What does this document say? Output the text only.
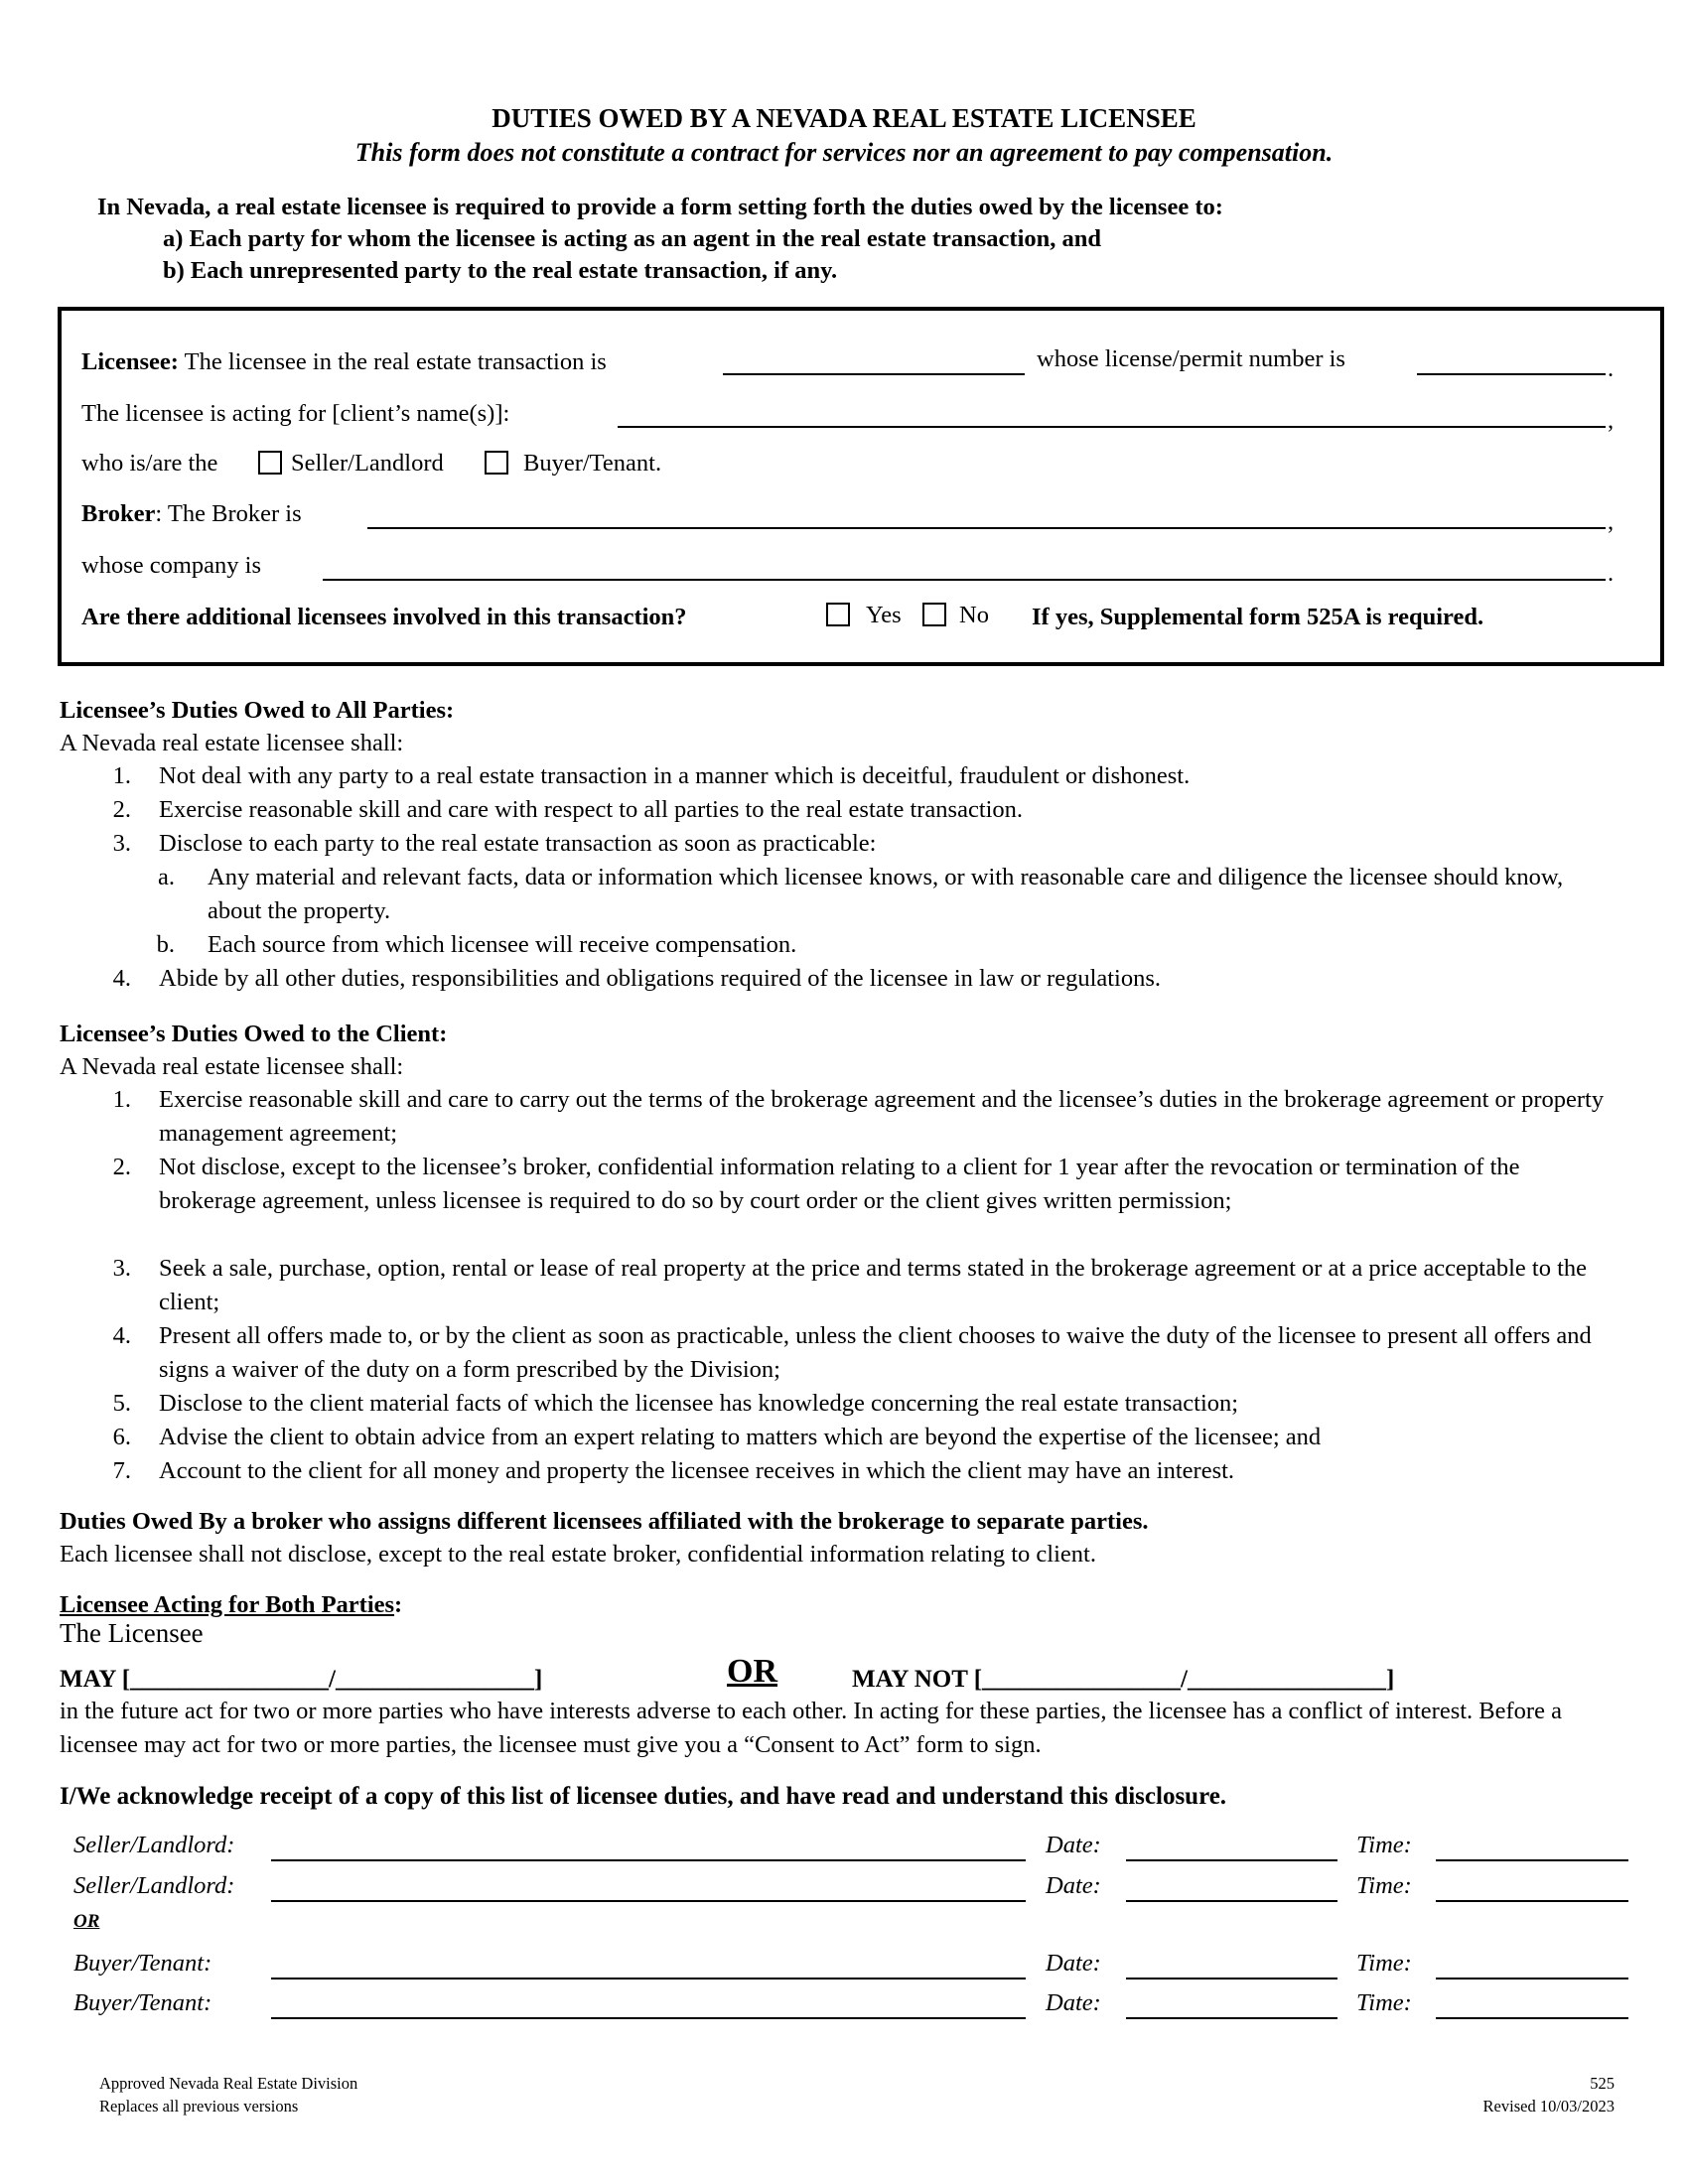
DUTIES OWED BY A NEVADA REAL ESTATE LICENSEE
This form does not constitute a contract for services nor an agreement to pay compensation.
In Nevada, a real estate licensee is required to provide a form setting forth the duties owed by the licensee to:
a) Each party for whom the licensee is acting as an agent in the real estate transaction, and
b) Each unrepresented party to the real estate transaction, if any.
Licensee: The licensee in the real estate transaction is	whose license/permit number is	.
The licensee is acting for [client’s name(s)]:	,
who is/are the	Seller/Landlord	Buyer/Tenant.
Broker: The Broker is	,
whose company is	.
Are there additional licensees involved in this transaction?	Yes No If yes, Supplemental form 525A is required.
Licensee’s Duties Owed to All Parties:
A Nevada real estate licensee shall:
1. Not deal with any party to a real estate transaction in a manner which is deceitful, fraudulent or dishonest.
2. Exercise reasonable skill and care with respect to all parties to the real estate transaction.
3. Disclose to each party to the real estate transaction as soon as practicable:
a. Any material and relevant facts, data or information which licensee knows, or with reasonable care and diligence the licensee should know, about the property.
b. Each source from which licensee will receive compensation.
4. Abide by all other duties, responsibilities and obligations required of the licensee in law or regulations.
Licensee’s Duties Owed to the Client:
A Nevada real estate licensee shall:
1. Exercise reasonable skill and care to carry out the terms of the brokerage agreement and the licensee’s duties in the brokerage agreement or property management agreement;
2. Not disclose, except to the licensee’s broker, confidential information relating to a client for 1 year after the revocation or termination of the brokerage agreement, unless licensee is required to do so by court order or the client gives written permission;
3. Seek a sale, purchase, option, rental or lease of real property at the price and terms stated in the brokerage agreement or at a price acceptable to the client;
4. Present all offers made to, or by the client as soon as practicable, unless the client chooses to waive the duty of the licensee to present all offers and signs a waiver of the duty on a form prescribed by the Division;
5. Disclose to the client material facts of which the licensee has knowledge concerning the real estate transaction;
6. Advise the client to obtain advice from an expert relating to matters which are beyond the expertise of the licensee; and
7. Account to the client for all money and property the licensee receives in which the client may have an interest.
Duties Owed By a broker who assigns different licensees affiliated with the brokerage to separate parties.
Each licensee shall not disclose, except to the real estate broker, confidential information relating to client.
Licensee Acting for Both Parties:
The Licensee
MAY [________________/________________]	OR	MAY NOT [________________/________________]
in the future act for two or more parties who have interests adverse to each other. In acting for these parties, the licensee has a conflict of interest. Before a licensee may act for two or more parties, the licensee must give you a “Consent to Act” form to sign.
I/We acknowledge receipt of a copy of this list of licensee duties, and have read and understand this disclosure.
Seller/Landlord:	Date:	Time:
Seller/Landlord:	Date:	Time:
OR
Buyer/Tenant:	Date:	Time:
Buyer/Tenant:	Date:	Time:
Approved Nevada Real Estate Division
Replaces all previous versions
525
Revised 10/03/2023
